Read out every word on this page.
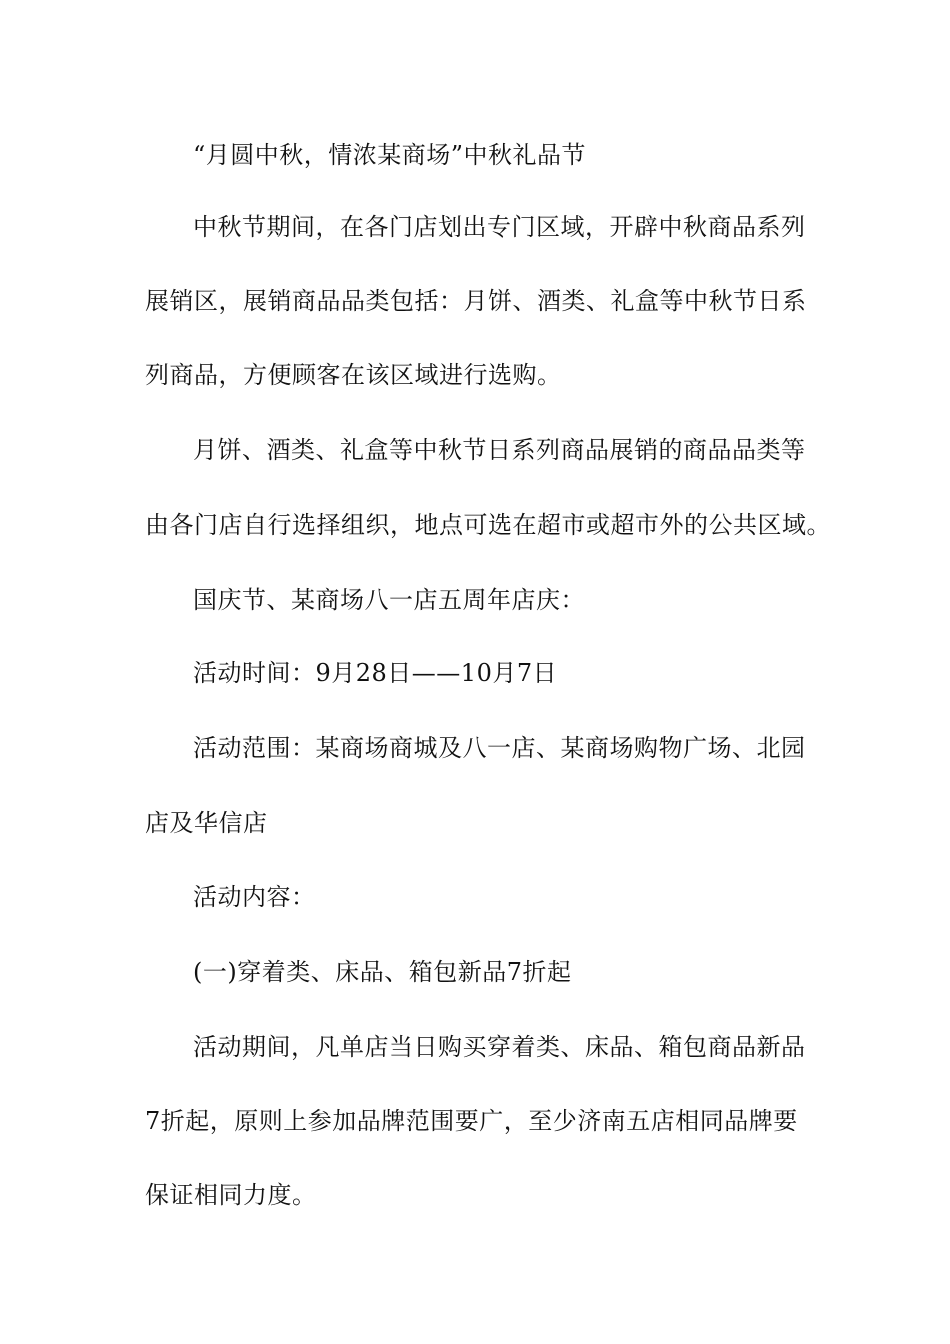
“月圆中秋，情浓某商场”中秋礼品节
中秋节期间，在各门店划出专门区域，开辟中秋商品系列
展销区，展销商品品类包括：月饼、酒类、礼盒等中秋节日系
列商品，方便顾客在该区域进行选购。
月饼、酒类、礼盒等中秋节日系列商品展销的商品品类等
由各门店自行选择组织，地点可选在超市或超市外的公共区域。
国庆节、某商场八一店五周年店庆：
活动时间：9月28日——10月7日
活动范围：某商场商城及八一店、某商场购物广场、北园
店及华信店
活动内容：
(一)穿着类、床品、箱包新品7折起
活动期间，凡单店当日购买穿着类、床品、箱包商品新品
7折起，原则上参加品牌范围要广，至少济南五店相同品牌要
保证相同力度。
